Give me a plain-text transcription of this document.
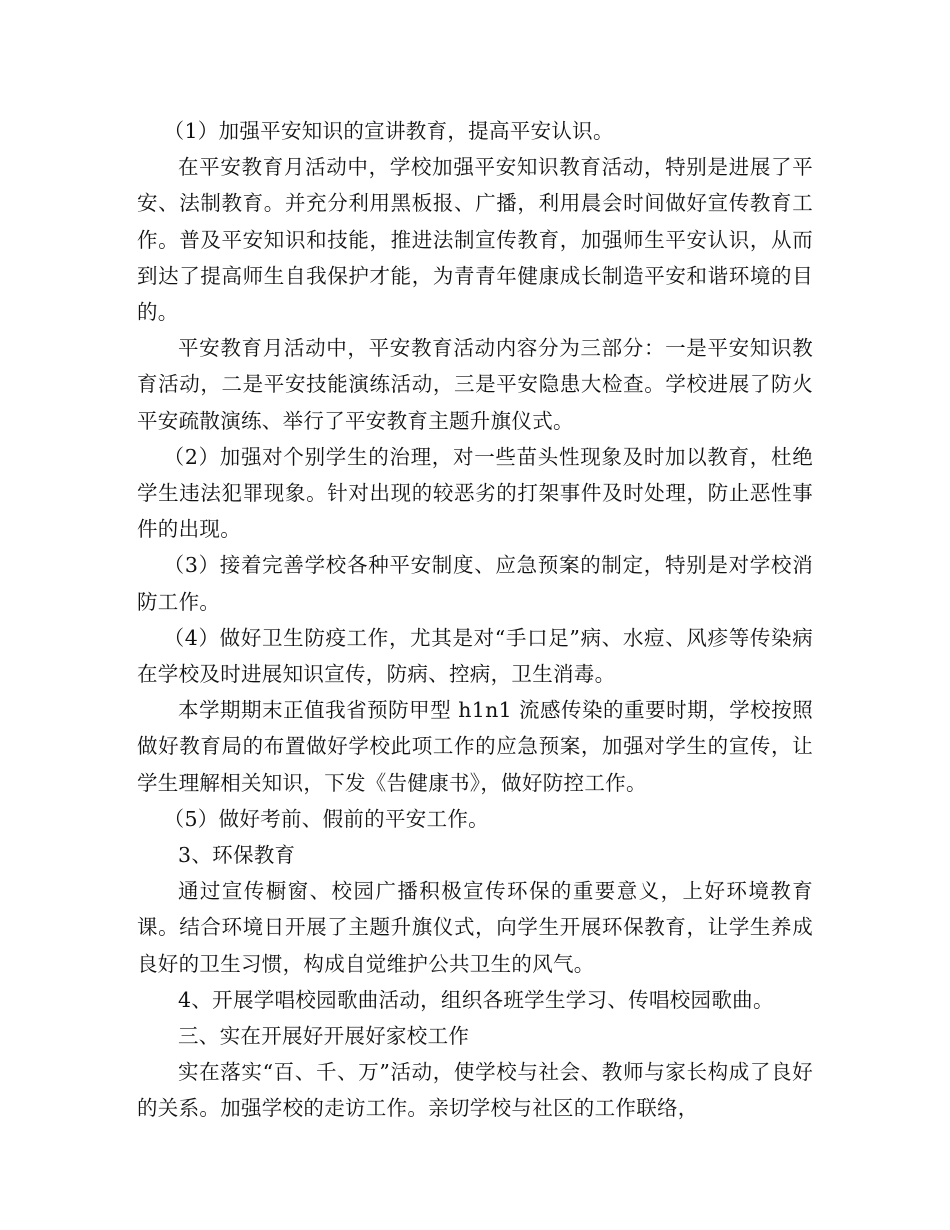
（1）加强平安知识的宣讲教育，提高平安认识。

在平安教育月活动中，学校加强平安知识教育活动，特别是进展了平安、法制教育。并充分利用黑板报、广播，利用晨会时间做好宣传教育工作。普及平安知识和技能，推进法制宣传教育，加强师生平安认识，从而到达了提高师生自我保护才能，为青青年健康成长制造平安和谐环境的目的。

平安教育月活动中，平安教育活动内容分为三部分：一是平安知识教育活动，二是平安技能演练活动，三是平安隐患大检查。学校进展了防火平安疏散演练、举行了平安教育主题升旗仪式。

（2）加强对个别学生的治理，对一些苗头性现象及时加以教育，杜绝学生违法犯罪现象。针对出现的较恶劣的打架事件及时处理，防止恶性事件的出现。

（3）接着完善学校各种平安制度、应急预案的制定，特别是对学校消防工作。

（4）做好卫生防疫工作，尤其是对“手口足”病、水痘、风疹等传染病在学校及时进展知识宣传，防病、控病，卫生消毒。

本学期期末正值我省预防甲型 h1n1 流感传染的重要时期，学校按照做好教育局的布置做好学校此项工作的应急预案，加强对学生的宣传，让学生理解相关知识，下发《告健康书》，做好防控工作。

（5）做好考前、假前的平安工作。

3、环保教育

通过宣传橱窗、校园广播积极宣传环保的重要意义，上好环境教育课。结合环境日开展了主题升旗仪式，向学生开展环保教育，让学生养成良好的卫生习惯，构成自觉维护公共卫生的风气。

4、开展学唱校园歌曲活动，组织各班学生学习、传唱校园歌曲。

三、实在开展好开展好家校工作

实在落实“百、千、万”活动，使学校与社会、教师与家长构成了良好的关系。加强学校的走访工作。亲切学校与社区的工作联络，
